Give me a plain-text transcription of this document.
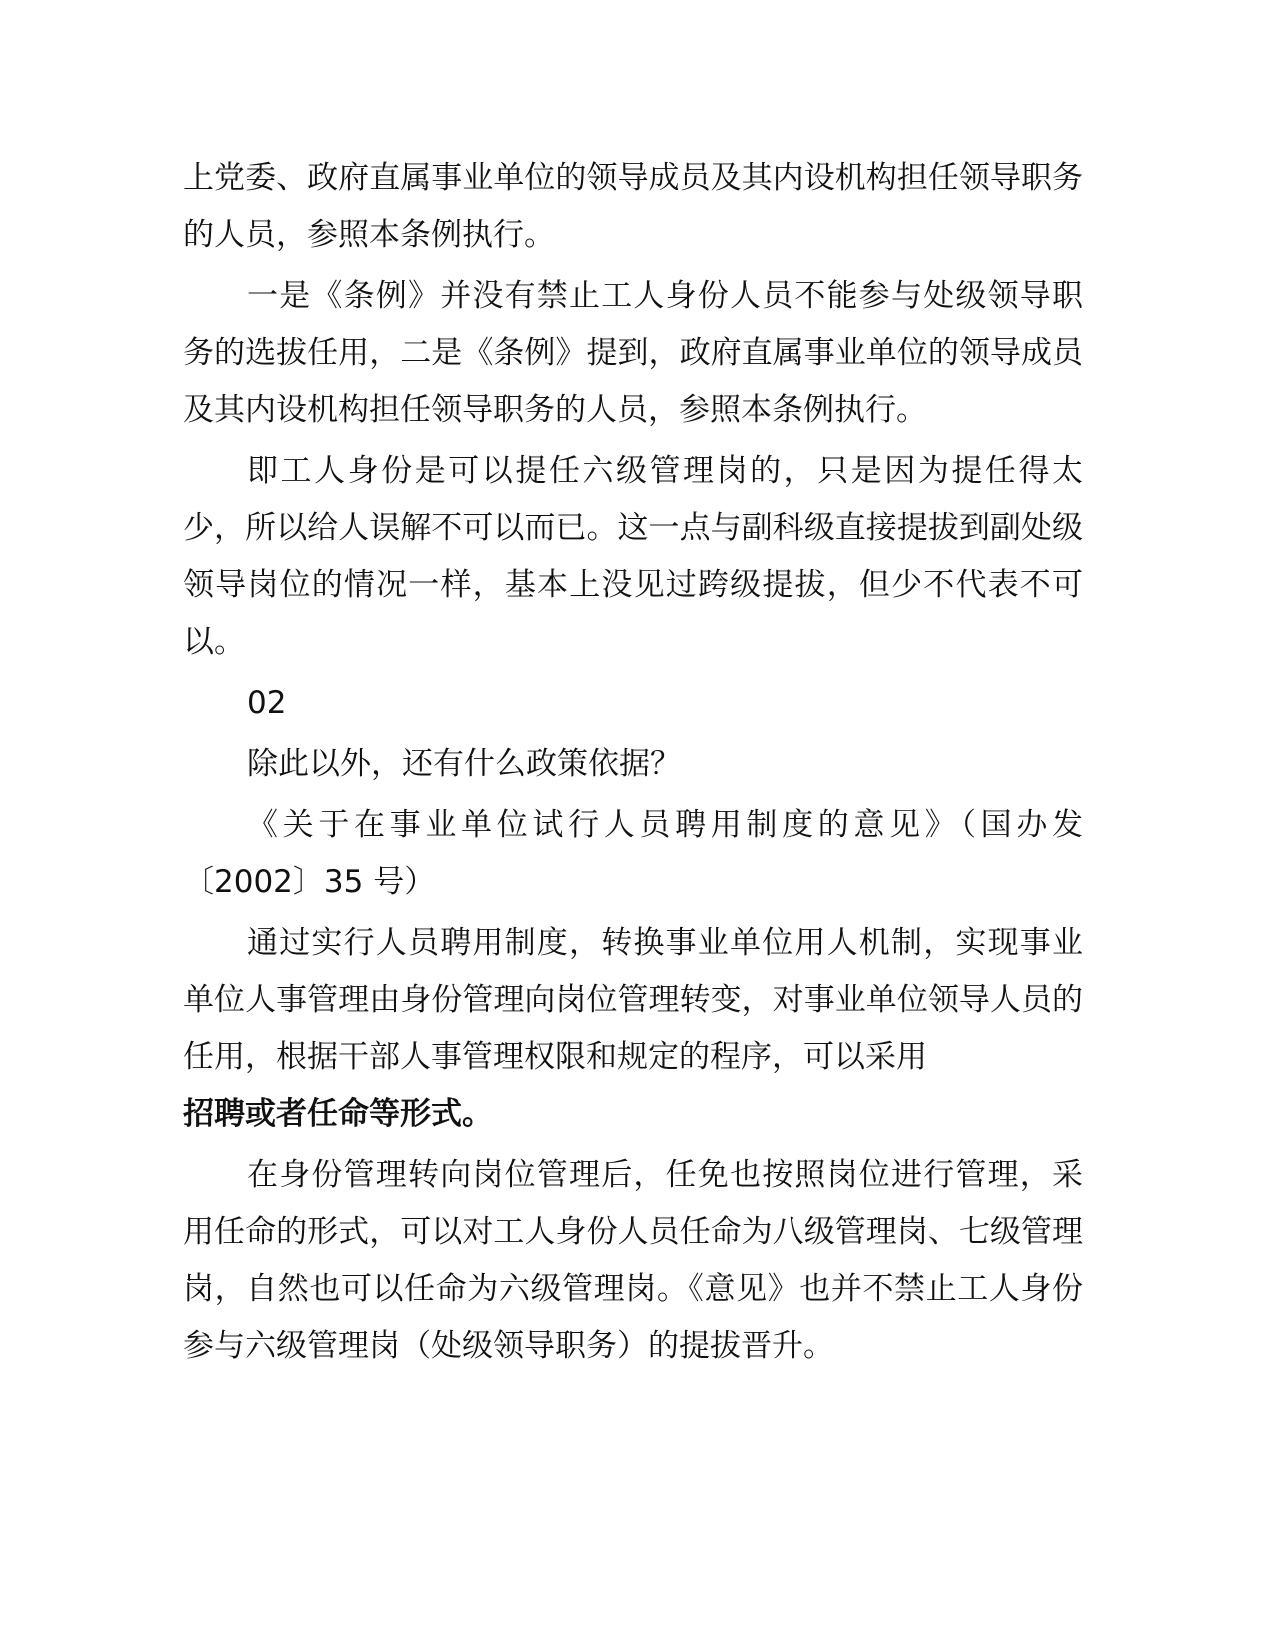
上党委、政府直属事业单位的领导成员及其内设机构担任领导职务的人员，参照本条例执行。

一是《条例》并没有禁止工人身份人员不能参与处级领导职务的选拔任用，二是《条例》提到，政府直属事业单位的领导成员及其内设机构担任领导职务的人员，参照本条例执行。

即工人身份是可以提任六级管理岗的，只是因为提任得太少，所以给人误解不可以而已。这一点与副科级直接提拔到副处级领导岗位的情况一样，基本上没见过跨级提拔，但少不代表不可以。

02

除此以外，还有什么政策依据？

《关于在事业单位试行人员聘用制度的意见》（国办发〔2002〕35 号）

通过实行人员聘用制度，转换事业单位用人机制，实现事业单位人事管理由身份管理向岗位管理转变，对事业单位领导人员的任用，根据干部人事管理权限和规定的程序，可以采用

招聘或者任命等形式。

在身份管理转向岗位管理后，任免也按照岗位进行管理，采用任命的形式，可以对工人身份人员任命为八级管理岗、七级管理岗，自然也可以任命为六级管理岗。《意见》也并不禁止工人身份参与六级管理岗（处级领导职务）的提拔晋升。
